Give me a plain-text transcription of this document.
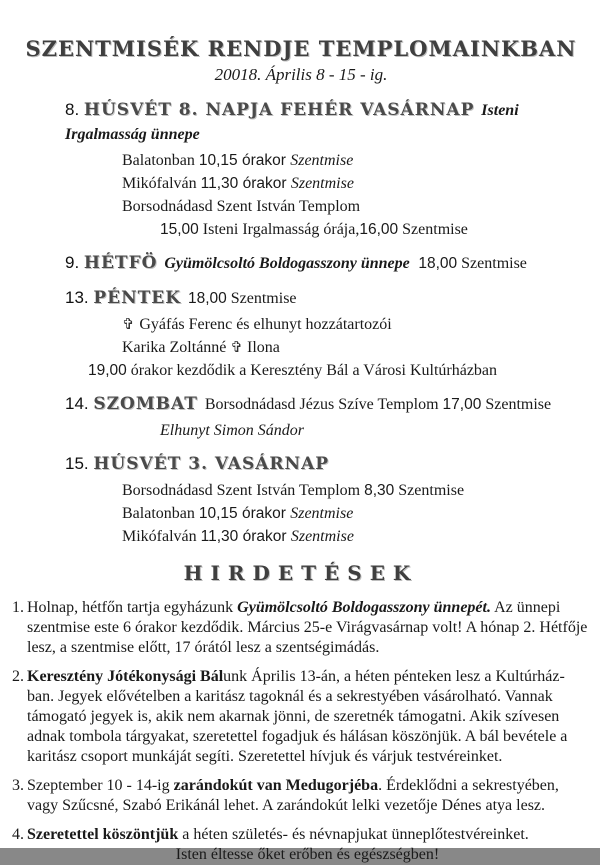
SZENTMISÉK RENDJE TEMPLOMAINKBAN
20018. Április 8 - 15 - ig.
8. HÚSVÉT 8. NAPJA FEHÉR VASÁRNAP Isteni Irgalmasság ünnepe
Balatonban 10,15 órakor Szentmise
Mikófalván 11,30 órakor Szentmise
Borsodnádasd Szent István Templom
15,00 Isteni Irgalmasság órája,16,00 Szentmise
9. HÉTFÖ Gyümölcsoltó Boldogasszony ünnepe  18,00 Szentmise
13. PÉNTEK 18,00 Szentmise
✞ Gyáfás Ferenc és elhunyt hozzátartozói
Karika Zoltánné ✞ Ilona
19,00 órakor kezdődik a Keresztény Bál a Városi Kultúrházban
14. SZOMBAT Borsodnádasd Jézus Szíve Templom 17,00 Szentmise
Elhunyt Simon Sándor
15. HÚSVÉT 3. VASÁRNAP
Borsodnádasd Szent István Templom 8,30 Szentmise
Balatonban 10,15 órakor Szentmise
Mikófalván 11,30 órakor Szentmise
HIRDETÉSEK
1. Holnap, hétfőn tartja egyházunk Gyümölcsoltó Boldogasszony ünnepét. Az ünnepi szentmise este 6 órakor kezdődik. Március 25-e Virágvasárnap volt! A hónap 2. Hétfője lesz, a szentmise előtt, 17 órától lesz a szentségimádás.
2. Keresztény Jótékonysági Bálunk Április 13-án, a héten pénteken lesz a Kultúrház-ban. Jegyek elővételben a karitász tagoknál és a sekrestyében vásárolható. Vannak támogató jegyek is, akik nem akarnak jönni, de szeretnék támogatni. Akik szívesen adnak tombola tárgyakat, szeretettel fogadjuk és hálásan köszönjük. A bál bevétele a karitász csoport munkáját segíti. Szeretettel hívjuk és várjuk testvéreinket.
3. Szeptember 10 - 14-ig zarándokút van Medugorjéba. Érdeklődni a sekrestyében, vagy Szűcsné, Szabó Erikánál lehet. A zarándokút lelki vezetője Dénes atya lesz.
4. Szeretettel köszöntjük a héten születés- és névnapjukat ünneplőtestvéreinket.
Isten éltesse őket erőben és egészségben!
